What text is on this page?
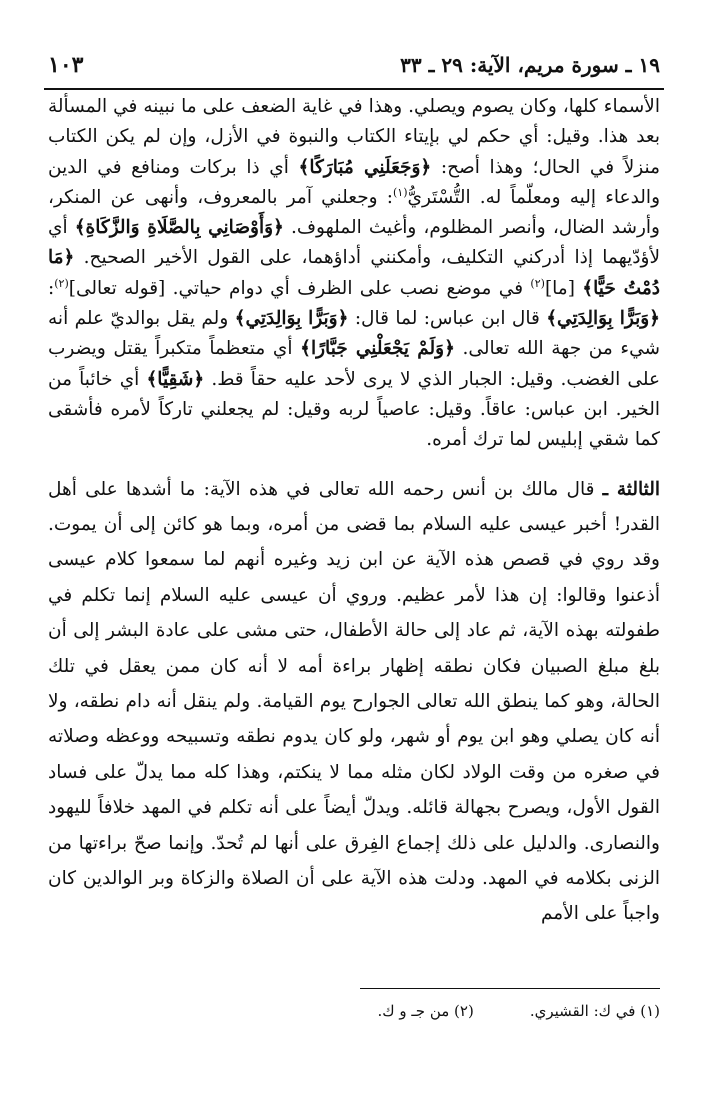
١٩ ـ سورة مريم، الآية: ٢٩ ـ ٣٣
١٠٣

الأسماء كلها، وكان يصوم ويصلي. وهذا في غاية الضعف على ما نبينه في المسألة بعد هذا. وقيل: أي حكم لي بإيتاء الكتاب والنبوة في الأزل، وإن لم يكن الكتاب منزلاً في الحال؛ وهذا أصح: ﴿وَجَعَلَنِي مُبَارَكًا﴾ أي ذا بركات ومنافع في الدين والدعاء إليه ومعلّماً له. التُّسْتَريُّ$^{(١)}$: وجعلني آمر بالمعروف، وأنهى عن المنكر، وأرشد الضال، وأنصر المظلوم، وأغيث الملهوف. ﴿وَأَوْصَانِي بِالصَّلَاةِ وَالزَّكَاةِ﴾ أي لأؤدّيهما إذا أدركني التكليف، وأمكنني أداؤهما، على القول الأخير الصحيح. ﴿مَا دُمْتُ حَيًّا﴾ [ما]$^{(٢)}$ في موضع نصب على الظرف أي دوام حياتي. [قوله تعالى]$^{(٢)}$: ﴿وَبَرًّا بِوَالِدَتِي﴾ قال ابن عباس: لما قال: ﴿وَبَرًّا بِوَالِدَتِي﴾ ولم يقل بوالديّ علم أنه شيء من جهة الله تعالى. ﴿وَلَمْ يَجْعَلْنِي جَبَّارًا﴾ أي متعظماً متكبراً يقتل ويضرب على الغضب. وقيل: الجبار الذي لا يرى لأحد عليه حقاً قط. ﴿شَقِيًّا﴾ أي خائباً من الخير. ابن عباس: عاقاً. وقيل: عاصياً لربه وقيل: لم يجعلني تاركاً لأمره فأشقى كما شقي إبليس لما ترك أمره.

الثالثة ـ قال مالك بن أنس رحمه الله تعالى في هذه الآية: ما أشدها على أهل القدر! أخبر عيسى عليه السلام بما قضى من أمره، وبما هو كائن إلى أن يموت. وقد روي في قصص هذه الآية عن ابن زيد وغيره أنهم لما سمعوا كلام عيسى أذعنوا وقالوا: إن هذا لأمر عظيم. وروي أن عيسى عليه السلام إنما تكلم في طفولته بهذه الآية، ثم عاد إلى حالة الأطفال، حتى مشى على عادة البشر إلى أن بلغ مبلغ الصبيان فكان نطقه إظهار براءة أمه لا أنه كان ممن يعقل في تلك الحالة، وهو كما ينطق الله تعالى الجوارح يوم القيامة. ولم ينقل أنه دام نطقه، ولا أنه كان يصلي وهو ابن يوم أو شهر، ولو كان يدوم نطقه وتسبيحه ووعظه وصلاته في صغره من وقت الولاد لكان مثله مما لا ينكتم، وهذا كله مما يدلّ على فساد القول الأول، ويصرح بجهالة قائله. ويدلّ أيضاً على أنه تكلم في المهد خلافاً لليهود والنصارى. والدليل على ذلك إجماع الفِرق على أنها لم تُحدّ. وإنما صحّ براءتها من الزنى بكلامه في المهد. ودلت هذه الآية على أن الصلاة والزكاة وبر الوالدين كان واجباً على الأمم

(١) في ك: القشيري.
(٢) من جـ و ك.
